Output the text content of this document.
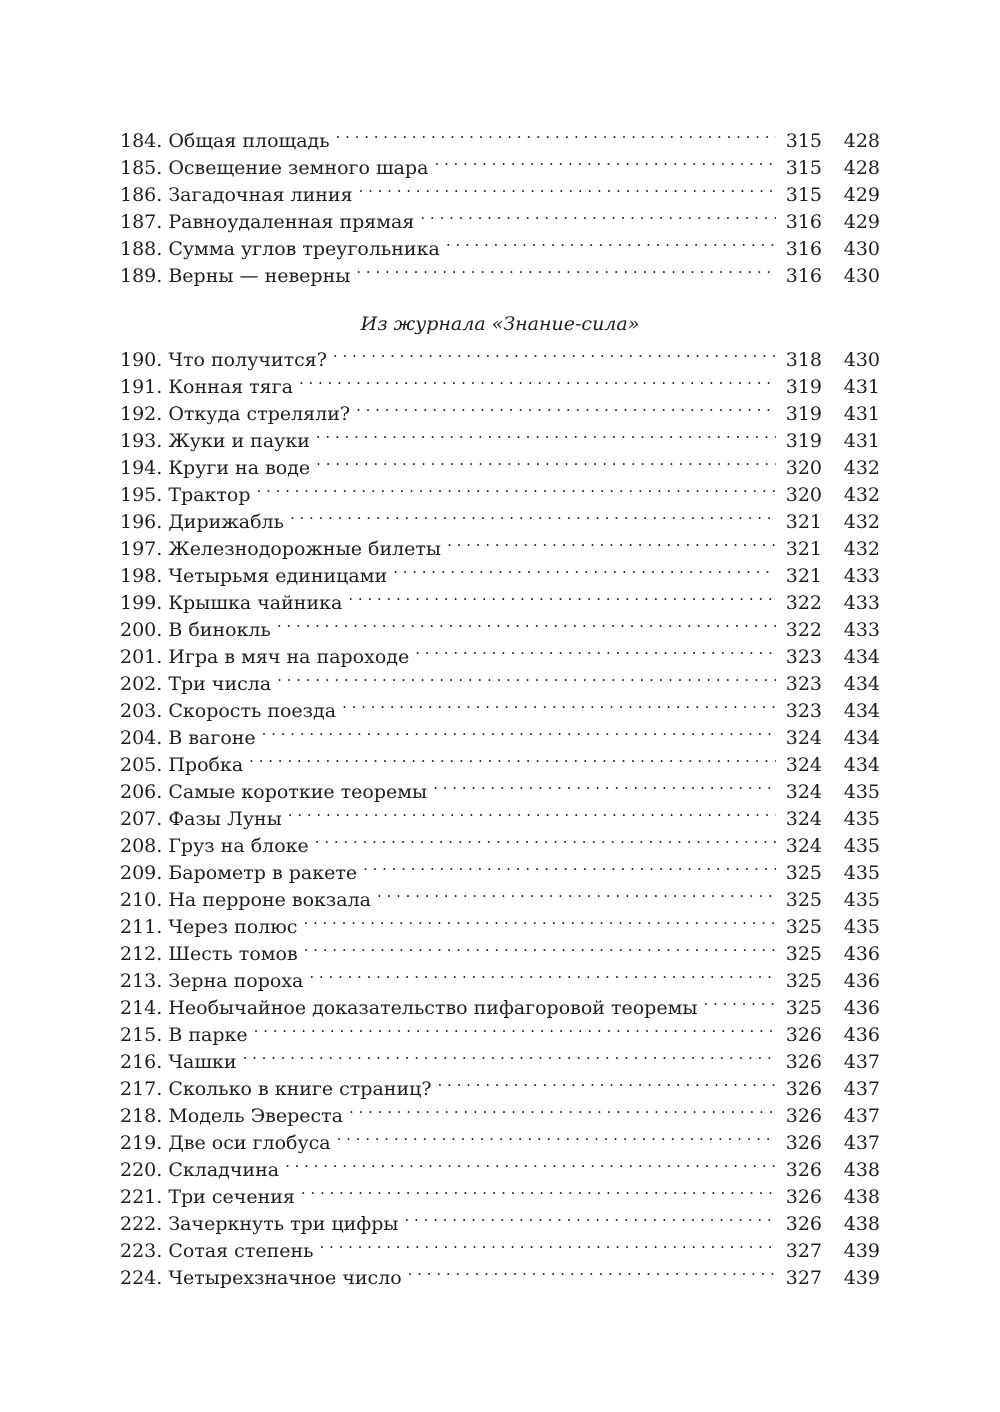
184. Общая площадь . . .	315	428
185. Освещение земного шара . . .	315	428
186. Загадочная линия . . .	315	429
187. Равноудаленная прямая . . .	316	429
188. Сумма углов треугольника . . .	316	430
189. Верны — неверны . . .	316	430
Из журнала «Знание-сила»
190. Что получится? . . .	318	430
191. Конная тяга . . .	319	431
192. Откуда стреляли? . . .	319	431
193. Жуки и пауки . . .	319	431
194. Круги на воде . . .	320	432
195. Трактор . . .	320	432
196. Дирижабль . . .	321	432
197. Железнодорожные билеты . . .	321	432
198. Четырьмя единицами . . .	321	433
199. Крышка чайника . . .	322	433
200. В бинокль . . .	322	433
201. Игра в мяч на пароходе . . .	323	434
202. Три числа . . .	323	434
203. Скорость поезда . . .	323	434
204. В вагоне . . .	324	434
205. Пробка . . .	324	434
206. Самые короткие теоремы . . .	324	435
207. Фазы Луны . . .	324	435
208. Груз на блоке . . .	324	435
209. Барометр в ракете . . .	325	435
210. На перроне вокзала . . .	325	435
211. Через полюс . . .	325	435
212. Шесть томов . . .	325	436
213. Зерна пороха . . .	325	436
214. Необычайное доказательство пифагоровой теоремы . . .	325	436
215. В парке . . .	326	436
216. Чашки . . .	326	437
217. Сколько в книге страниц? . . .	326	437
218. Модель Эвереста . . .	326	437
219. Две оси глобуса . . .	326	437
220. Складчина . . .	326	438
221. Три сечения . . .	326	438
222. Зачеркнуть три цифры . . .	326	438
223. Сотая степень . . .	327	439
224. Четырехзначное число . . .	327	439
